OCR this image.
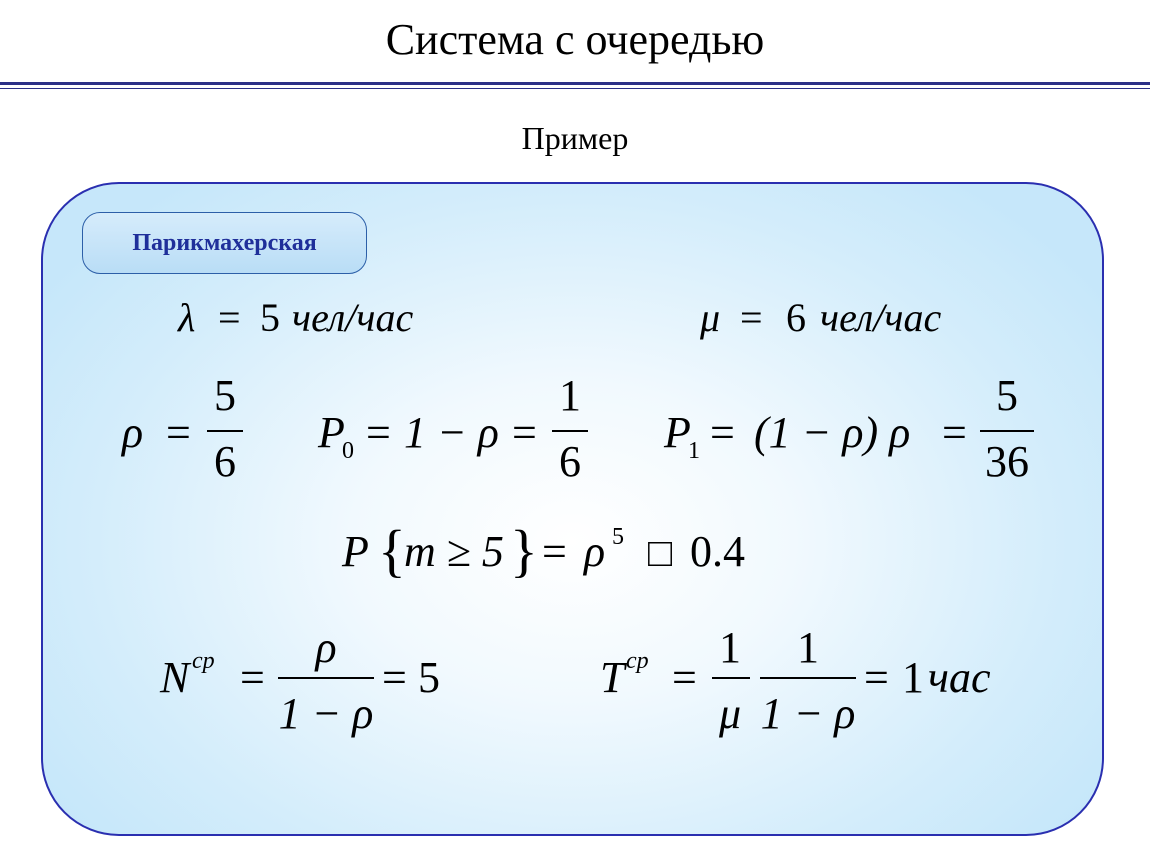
Система с очередью
Пример
Парикмахерская
λ = 5 чел/час	μ = 6 чел/час
ρ =
5
6
P
0 = 1 − ρ =
1
6
P
1 = (1 − ρ) ρ =
5
36
P {
m ≥ 5 } = ρ 5 □ 0.4
N ср =
ρ
1 − ρ
= 5	T ср =
1
μ
1
1 − ρ
= 1 час
